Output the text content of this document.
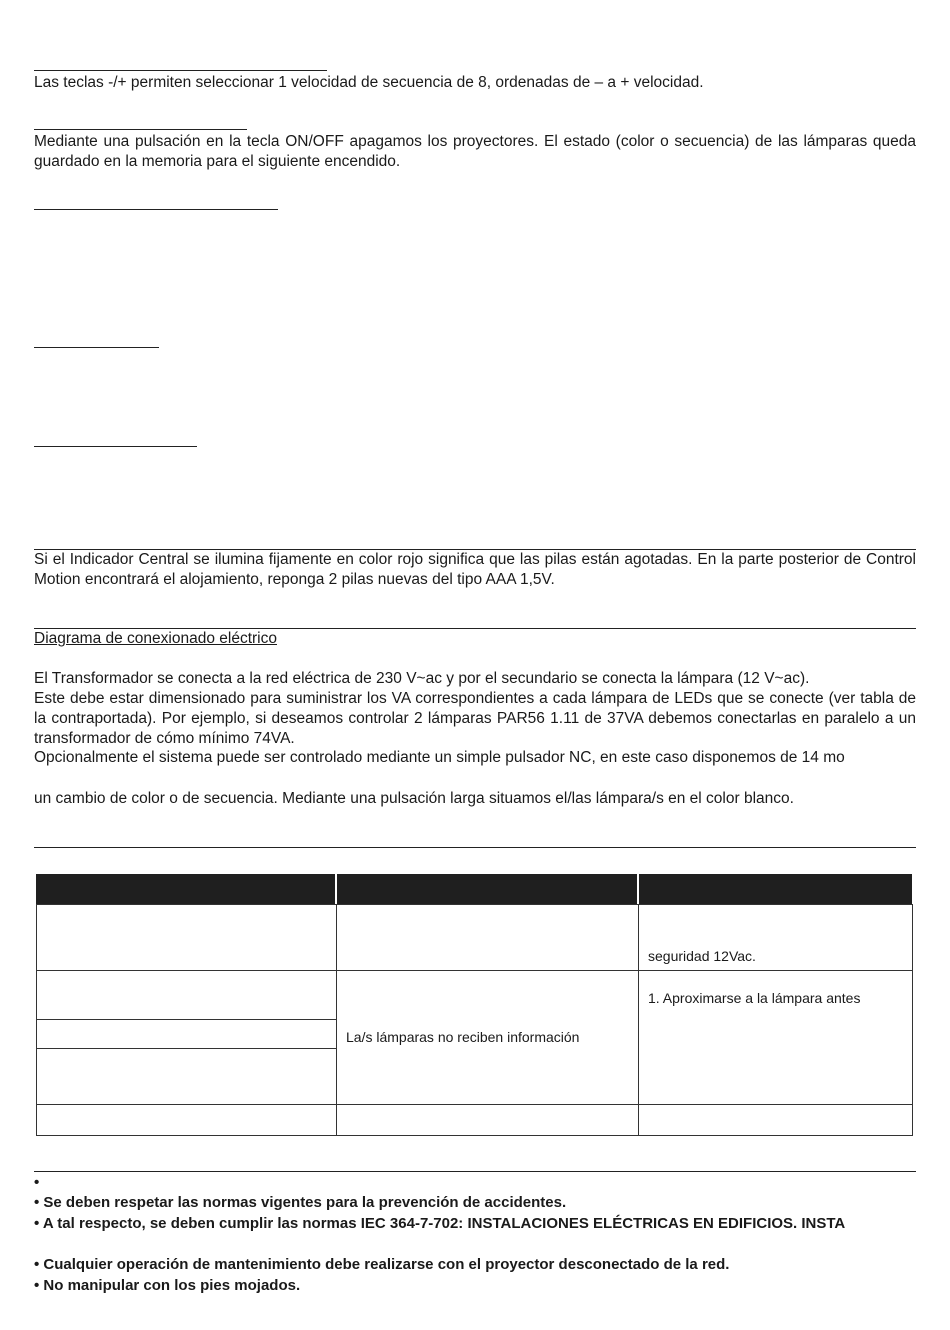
Las teclas -/+ permiten seleccionar 1 velocidad de secuencia de 8, ordenadas de – a + velocidad.

Mediante una pulsación en la tecla ON/OFF apagamos los proyectores. El estado (color o secuencia) de las lámparas queda guardado en la memoria para el siguiente encendido.

Si el Indicador Central se ilumina fijamente en color rojo significa que las pilas están agotadas. En la parte posterior de Control Motion encontrará el alojamiento, reponga 2 pilas nuevas del tipo AAA 1,5V.

Diagrama de conexionado eléctrico
El Transformador se conecta a la red eléctrica de 230 V~ac y por el secundario se conecta la lámpara (12 V~ac).

Este debe estar dimensionado para suministrar los VA correspondientes a cada lámpara de LEDs que se conecte (ver tabla de la contraportada). Por ejemplo, si deseamos controlar 2 lámparas PAR56 1.11 de 37VA debemos conectarlas en paralelo a un transformador de cómo mínimo 74VA.

Opcionalmente el sistema puede ser controlado mediante un simple pulsador NC, en este caso disponemos de 14 mo
un cambio de color o de secuencia. Mediante una pulsación larga situamos el/las lámpara/s en el color blanco.
seguridad 12Vac.
La/s lámparas no reciben información
1. Aproximarse a la lámpara antes
•
• Se deben respetar las normas vigentes para la prevención de accidentes.
• A tal respecto, se deben cumplir las normas IEC 364-7-702: INSTALACIONES ELÉCTRICAS EN EDIFICIOS. INSTA
• Cualquier operación de mantenimiento debe realizarse con el proyector desconectado de la red.
• No manipular con los pies mojados.
